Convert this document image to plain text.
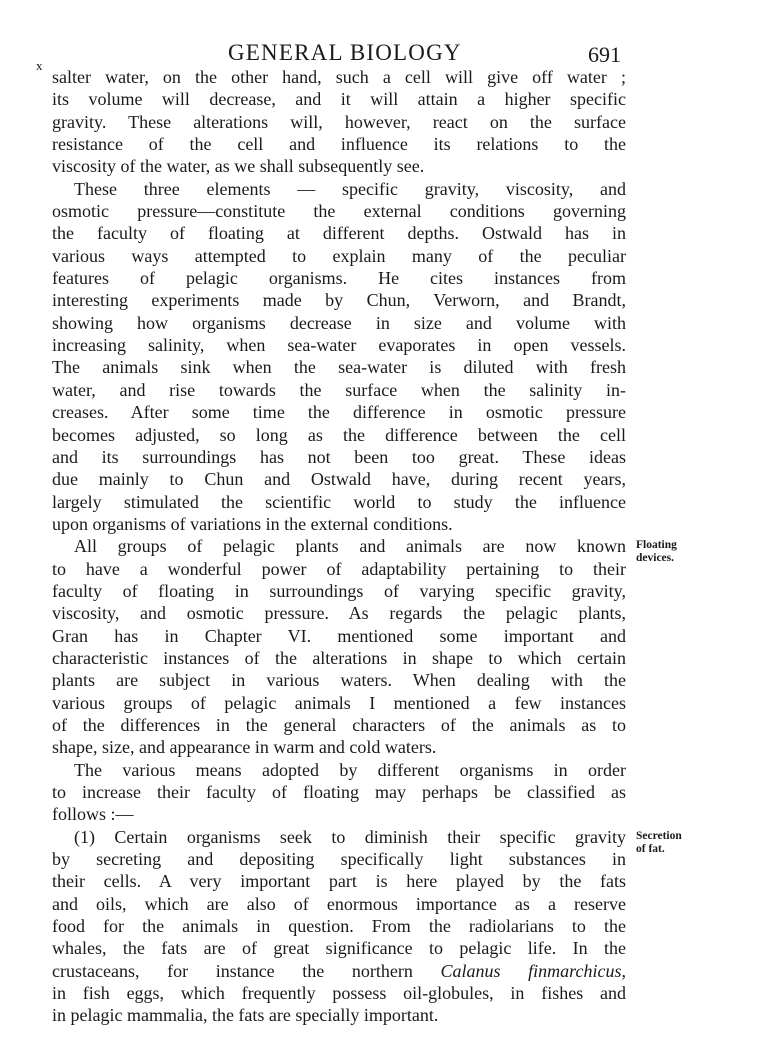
x
GENERAL BIOLOGY	691
salter water, on the other hand, such a cell will give off water ;
its volume will decrease, and it will attain a higher specific
gravity. These alterations will, however, react on the surface
resistance of the cell and influence its relations to the
viscosity of the water, as we shall subsequently see.
These three elements — specific gravity, viscosity, and
osmotic pressure—constitute the external conditions governing
the faculty of floating at different depths. Ostwald has in
various ways attempted to explain many of the peculiar
features of pelagic organisms. He cites instances from
interesting experiments made by Chun, Verworn, and Brandt,
showing how organisms decrease in size and volume with
increasing salinity, when sea-water evaporates in open vessels.
The animals sink when the sea-water is diluted with fresh
water, and rise towards the surface when the salinity in-
creases. After some time the difference in osmotic pressure
becomes adjusted, so long as the difference between the cell
and its surroundings has not been too great. These ideas
due mainly to Chun and Ostwald have, during recent years,
largely stimulated the scientific world to study the influence
upon organisms of variations in the external conditions.
All groups of pelagic plants and animals are now known
to have a wonderful power of adaptability pertaining to their
faculty of floating in surroundings of varying specific gravity,
viscosity, and osmotic pressure. As regards the pelagic plants,
Gran has in Chapter VI. mentioned some important and
characteristic instances of the alterations in shape to which certain
plants are subject in various waters. When dealing with the
various groups of pelagic animals I mentioned a few instances
of the differences in the general characters of the animals as to
shape, size, and appearance in warm and cold waters.
The various means adopted by different organisms in order
to increase their faculty of floating may perhaps be classified as
follows :—
(1) Certain organisms seek to diminish their specific gravity
by secreting and depositing specifically light substances in
their cells. A very important part is here played by the fats
and oils, which are also of enormous importance as a reserve
food for the animals in question. From the radiolarians to the
whales, the fats are of great significance to pelagic life. In the
crustaceans, for instance the northern Calanus finmarchicus,
in fish eggs, which frequently possess oil-globules, in fishes and
in pelagic mammalia, the fats are specially important.
Floating
devices.
Secretion
of fat.
